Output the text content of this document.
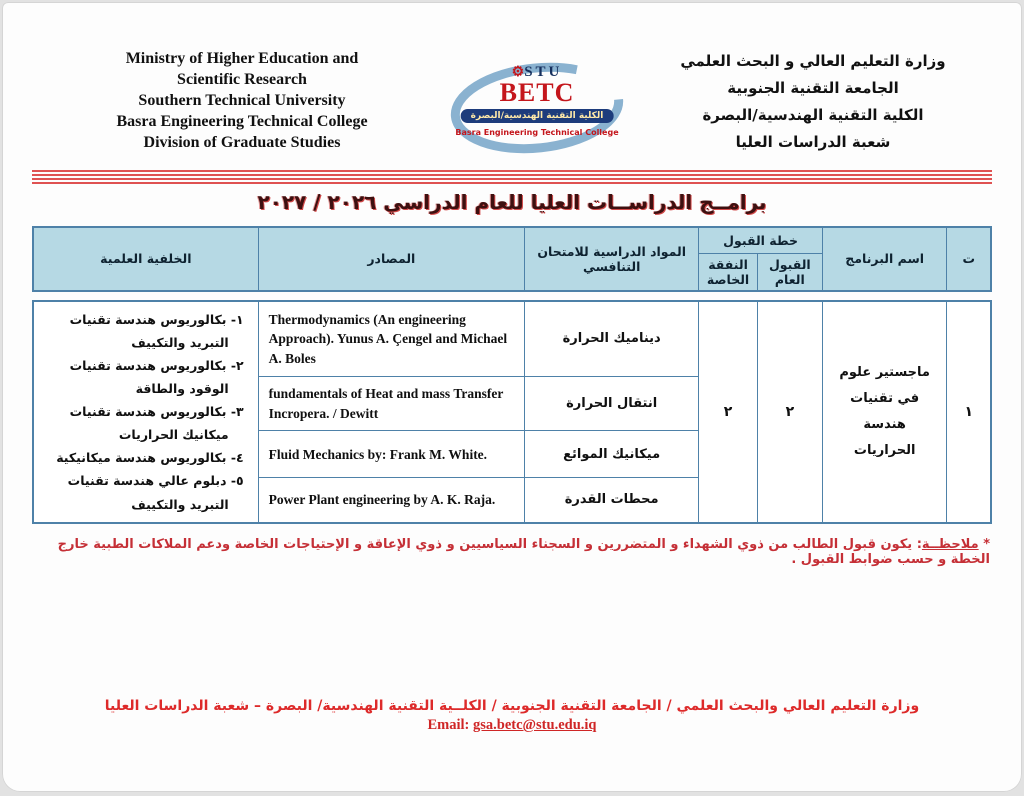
Ministry of Higher Education and
Scientific Research
Southern Technical University
Basra Engineering Technical College
Division of Graduate Studies
⚙STU
BETC
الكلية التقنية الهندسية/البصرة
Basra Engineering Technical College
وزارة التعليم العالي و البحث العلمي
الجامعة التقنية الجنوبية
الكلية التقنية الهندسية/البصرة
شعبة الدراسات العليا
برامــج الدراســات العليا للعام الدراسي ٢٠٢٦ / ٢٠٢٧
ت	اسم البرنامج	خطة القبول		المواد الدراسية للامتحان التنافسي	المصادر	الخلفية العلمية
		القبول العام	النفقة الخاصة			
١	ماجستير علوم في تقنيات هندسة الحراريات	٢	٢	ديناميك الحرارة	Thermodynamics (An engineering Approach). Yunus A. Çengel and Michael A. Boles	١- بكالوريوس هندسة تقنيات التبريد والتكييف
٢- بكالوريوس هندسة تقنيات الوقود والطاقة
٣- بكالوريوس هندسة تقنيات ميكانيك الحراريات
٤- بكالوريوس هندسة ميكانيكية
٥- دبلوم عالي هندسة تقنيات التبريد والتكييف

				انتقال الحرارة	fundamentals of Heat and mass Transfer Incropera. / Dewitt	
				ميكانيك الموائع	Fluid Mechanics by: Frank M. White.	
				محطات القدرة	Power Plant engineering by A. K. Raja.	
* ملاحظــة: يكون قبول الطالب من ذوي الشهداء و المتضررين و السجناء السياسيين و ذوي الإعاقة و الإحتياجات الخاصة ودعم الملاكات الطبية خارج الخطة و حسب ضوابط القبول .
وزارة التعليم العالي والبحث العلمي / الجامعة التقنية الجنوبية / الكلــية التقنية الهندسية/ البصرة – شعبة الدراسات العليا
Email: gsa.betc@stu.edu.iq
